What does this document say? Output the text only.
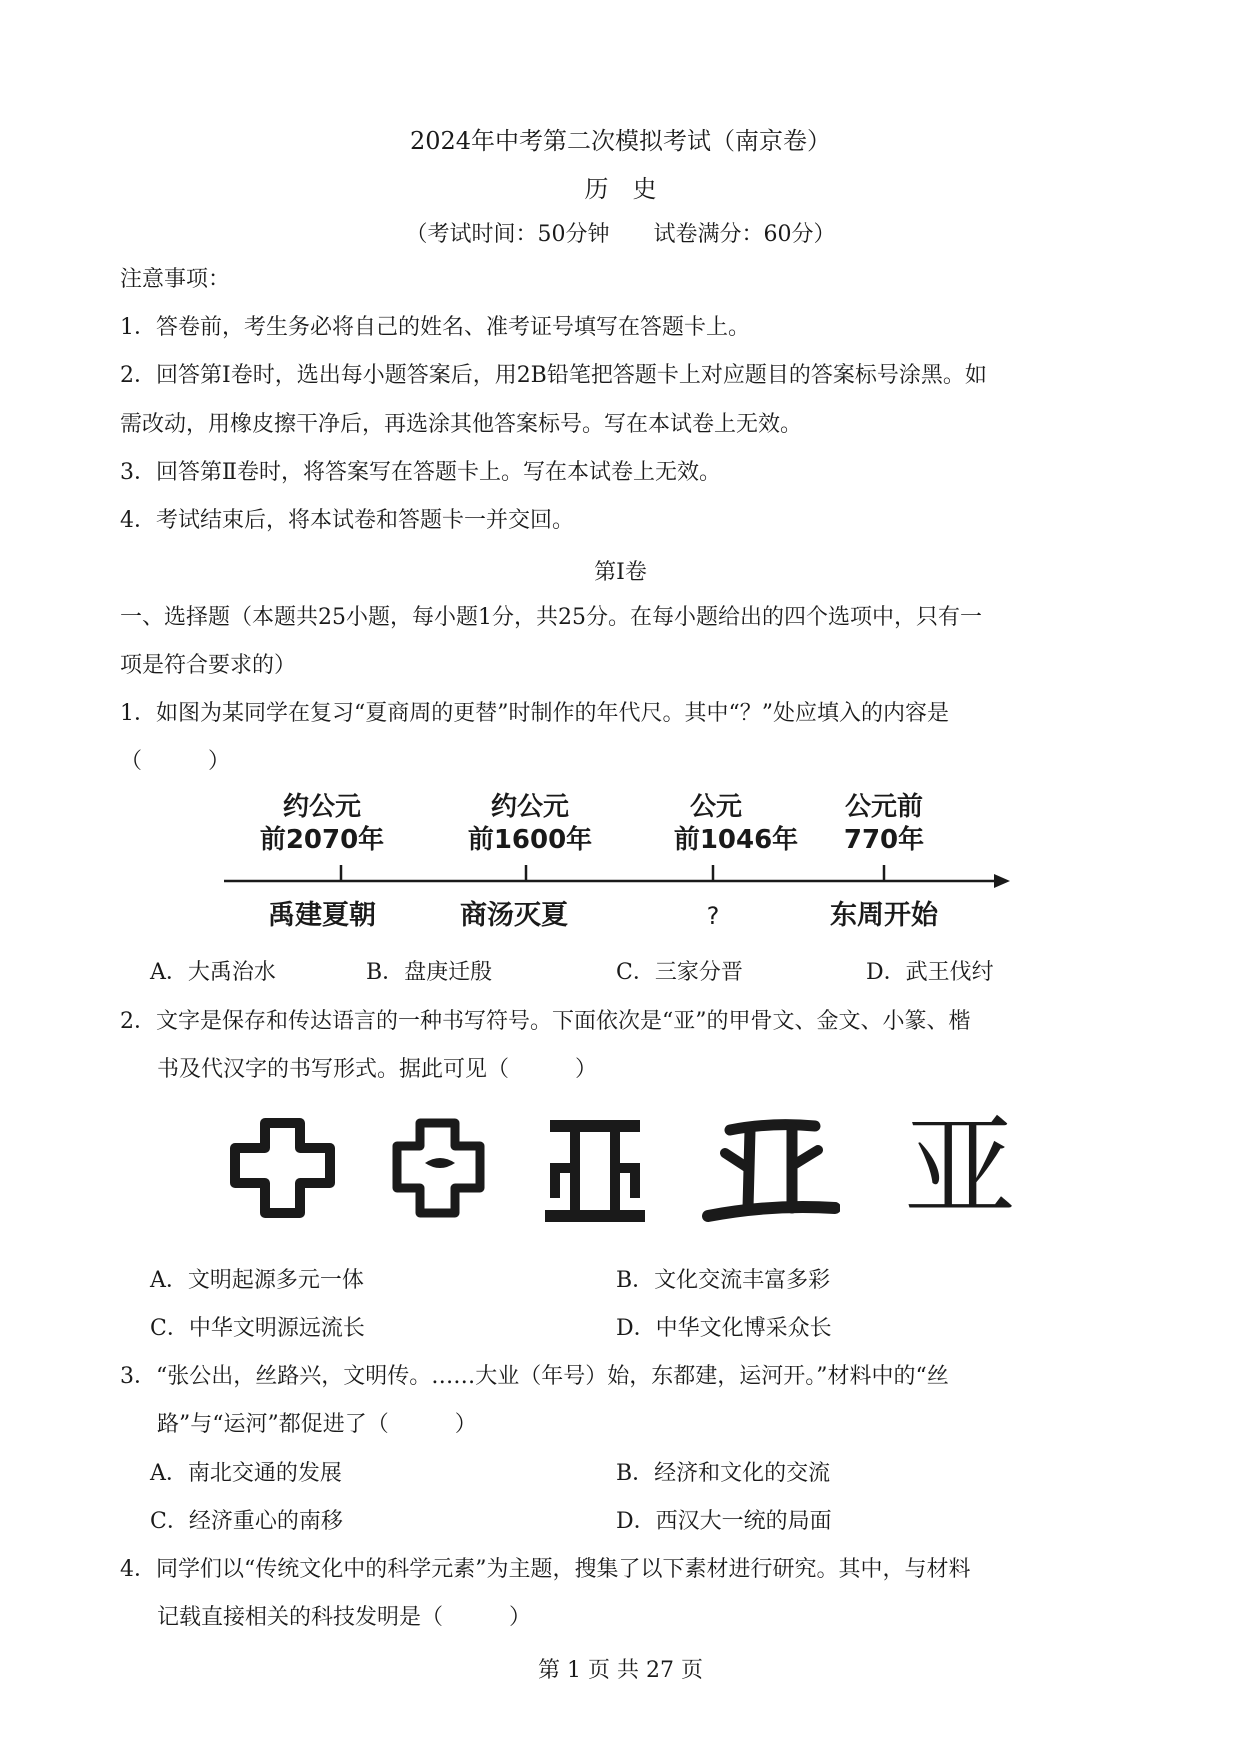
2024年中考第二次模拟考试（南京卷）
历　史
（考试时间：50分钟　　试卷满分：60分）
注意事项：
1．答卷前，考生务必将自己的姓名、准考证号填写在答题卡上。
2．回答第Ⅰ卷时，选出每小题答案后，用2B铅笔把答题卡上对应题目的答案标号涂黑。如
需改动，用橡皮擦干净后，再选涂其他答案标号。写在本试卷上无效。
3．回答第Ⅱ卷时，将答案写在答题卡上。写在本试卷上无效。
4．考试结束后，将本试卷和答题卡一并交回。
第Ⅰ卷
一、选择题（本题共25小题，每小题1分，共25分。在每小题给出的四个选项中，只有一
项是符合要求的）
1．如图为某同学在复习“夏商周的更替”时制作的年代尺。其中“？”处应填入的内容是
（　　　）
约公元
前2070年
约公元
前1600年
公元
前1046年
公元前
770年
禹建夏朝	商汤灭夏	?	东周开始
A．大禹治水	B．盘庚迁殷	C．三家分晋	D．武王伐纣
2．文字是保存和传达语言的一种书写符号。下面依次是“亚”的甲骨文、金文、小篆、楷
书及代汉字的书写形式。据此可见（　　　）
亚
A．文明起源多元一体	B．文化交流丰富多彩
C．中华文明源远流长	D．中华文化博采众长
3．“张公出，丝路兴，文明传。……大业（年号）始，东都建，运河开。”材料中的“丝
路”与“运河”都促进了（　　　）
A．南北交通的发展	B．经济和文化的交流
C．经济重心的南移	D．西汉大一统的局面
4．同学们以“传统文化中的科学元素”为主题，搜集了以下素材进行研究。其中，与材料
记载直接相关的科技发明是（　　　）
第 1 页 共 27 页
